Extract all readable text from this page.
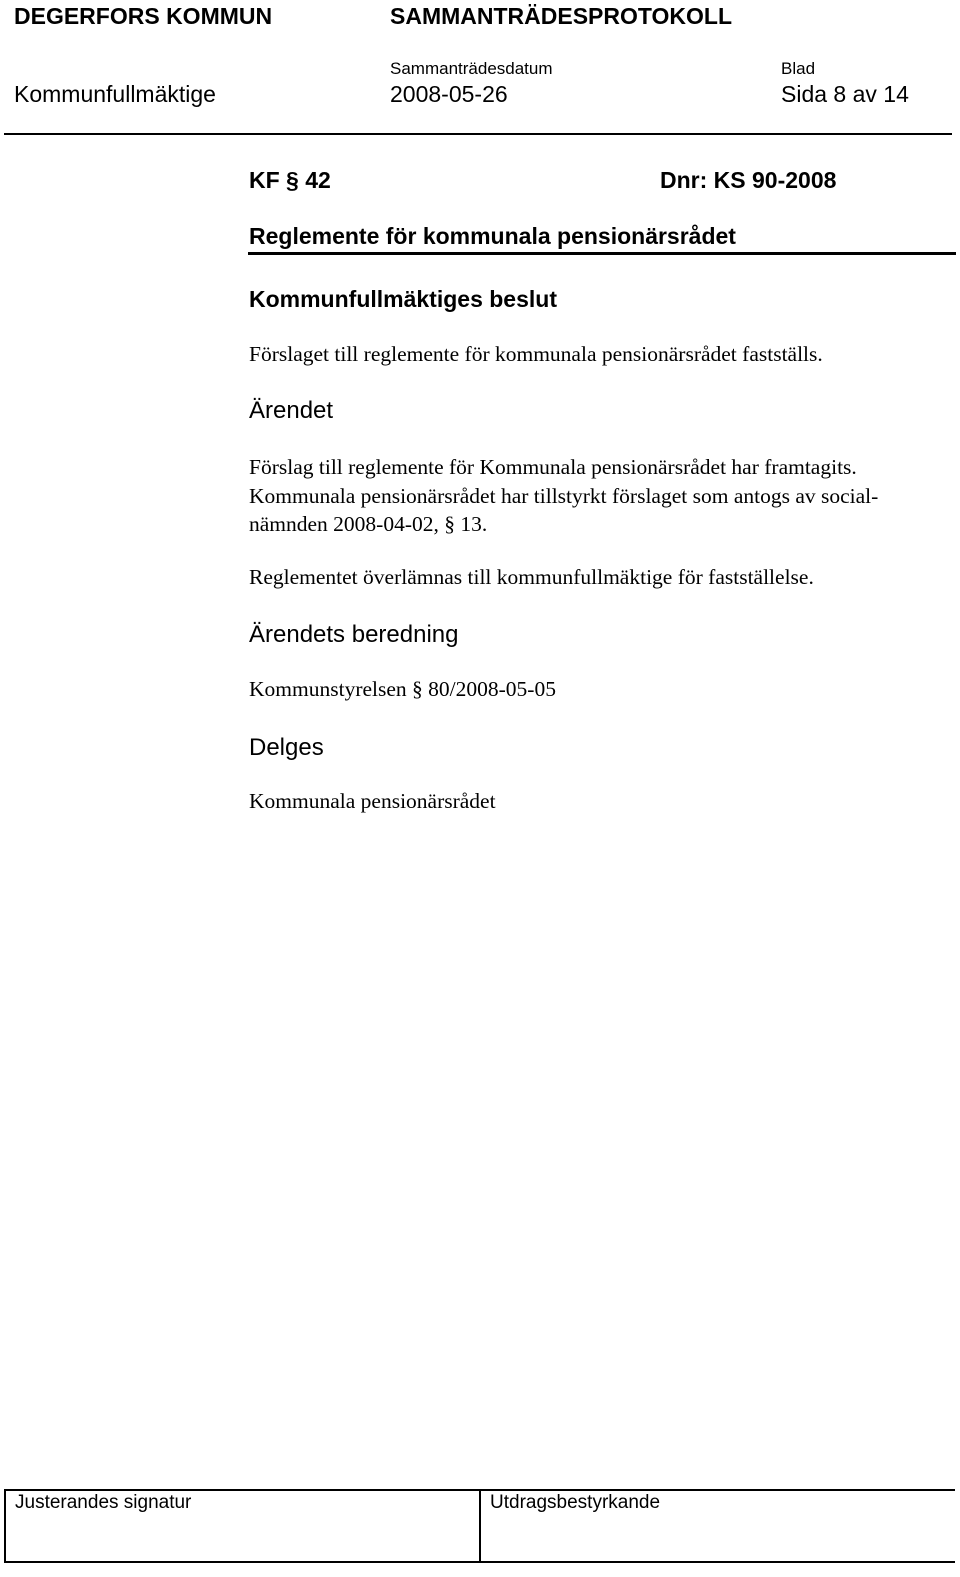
DEGERFORS KOMMUN	SAMMANTRÄDESPROTOKOLL
Sammanträdesdatum	Blad
Kommunfullmäktige	2008-05-26	Sida 8 av 14
KF § 42	Dnr: KS 90-2008
Reglemente för kommunala pensionärsrådet
Kommunfullmäktiges beslut
Förslaget till reglemente för kommunala pensionärsrådet fastställs.
Ärendet
Förslag till reglemente för Kommunala pensionärsrådet har framtagits. Kommunala pensionärsrådet har tillstyrkt förslaget som antogs av social-nämnden 2008-04-02, § 13.
Reglementet överlämnas till kommunfullmäktige för fastställelse.
Ärendets beredning
Kommunstyrelsen § 80/2008-05-05
Delges
Kommunala pensionärsrådet
Justerandes signatur	Utdragsbestyrkande
